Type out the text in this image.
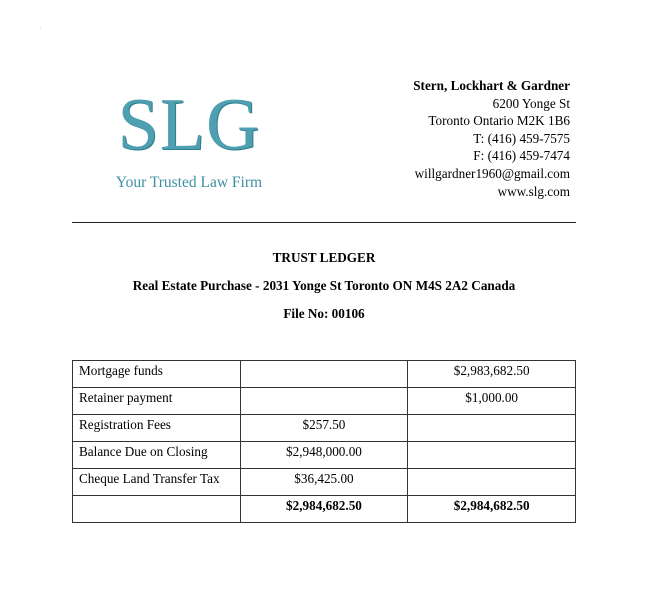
SLG
Your Trusted Law Firm
Stern, Lockhart & Gardner
6200 Yonge St
Toronto Ontario M2K 1B6
T: (416) 459-7575
F: (416) 459-7474
willgardner1960@gmail.com
www.slg.com
TRUST LEDGER
Real Estate Purchase - 2031 Yonge St Toronto ON M4S 2A2 Canada
File No: 00106
Mortgage funds		$2,983,682.50
Retainer payment		$1,000.00
Registration Fees	$257.50	
Balance Due on Closing	$2,948,000.00	
Cheque Land Transfer Tax	$36,425.00	
	$2,984,682.50	$2,984,682.50
